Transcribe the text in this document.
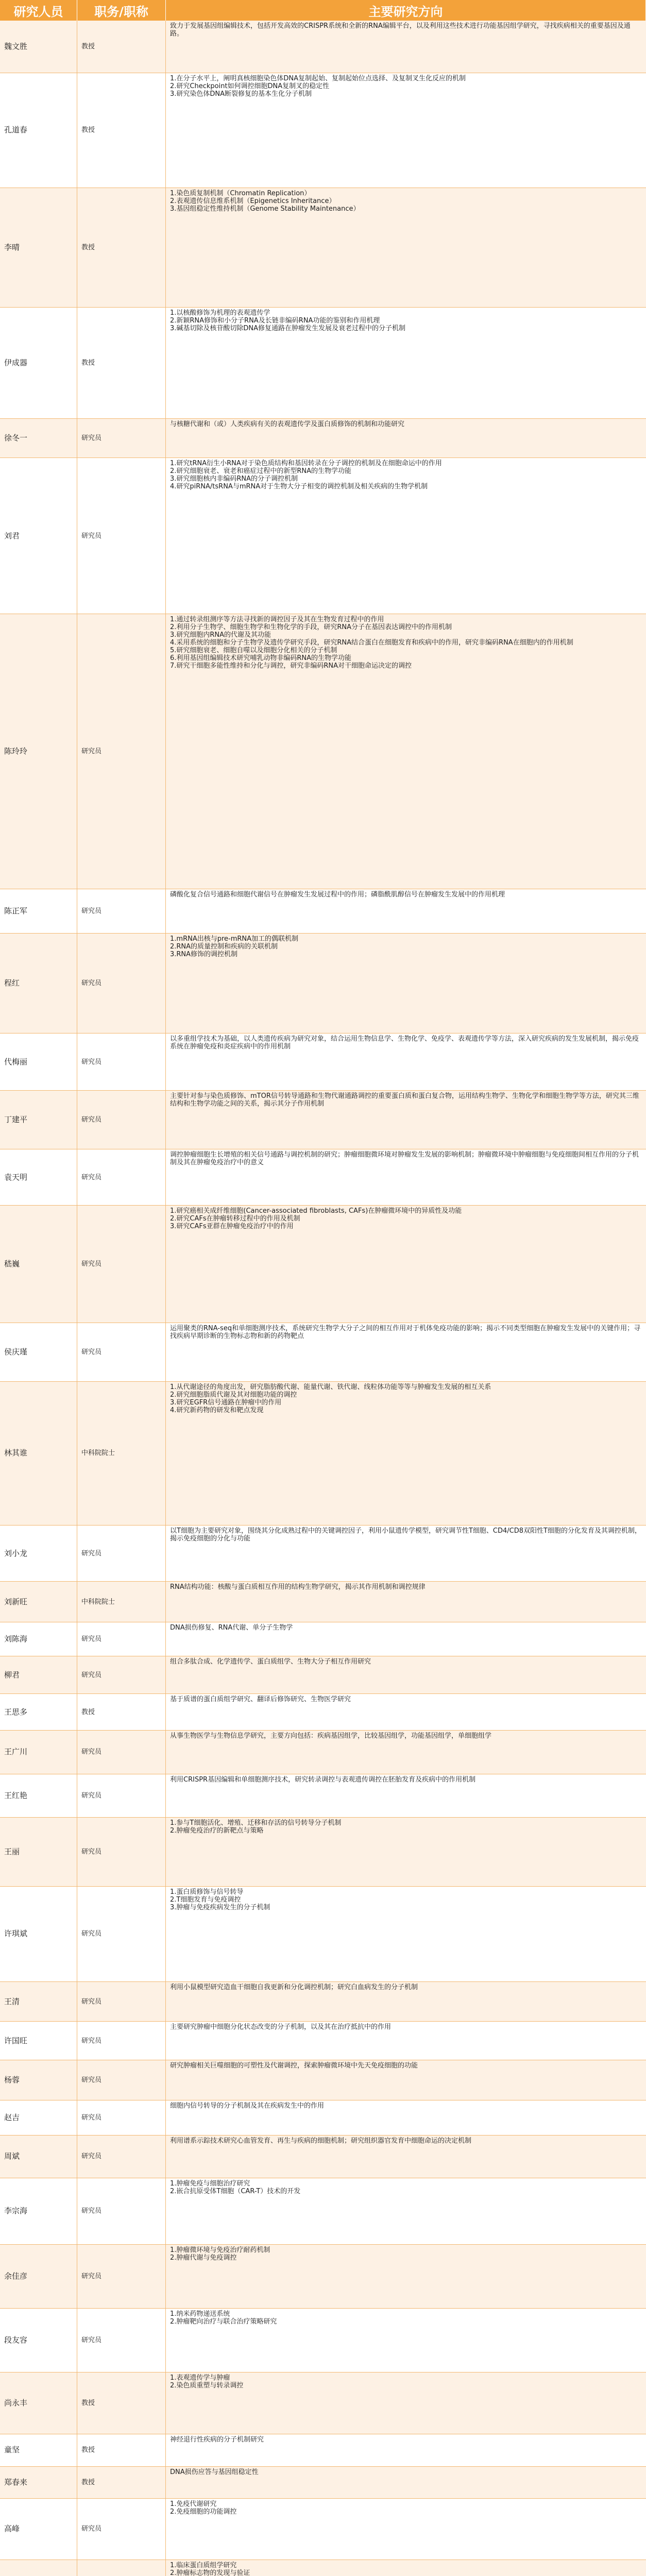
研究人员	职务/职称	主要研究方向
魏文胜	教授
致力于发展基因组编辑技术，包括开发高效的CRISPR系统和全新的RNA编辑平台，以及利用这些技术进行功能基因组学研究，寻找疾病相关的重要基因及通路。
孔道春	教授
1.在分子水平上，阐明真核细胞染色体DNA复制起始、复制起始位点选择、及复制叉生化反应的机制
2.研究Checkpoint如何调控细胞DNA复制叉的稳定性
3.研究染色体DNA断裂修复的基本生化分子机制
李晴	教授
1.染色质复制机制（Chromatin Replication）
2.表观遗传信息维系机制（Epigenetics Inheritance）
3.基因组稳定性维持机制（Genome Stability Maintenance）
伊成器	教授
1.以核酸修饰为机理的表观遗传学
2.新颖RNA修饰和小分子RNA及长链非编码RNA功能的鉴别和作用机理
3.碱基切除及核苷酸切除DNA修复通路在肿瘤发生发展及衰老过程中的分子机制
徐冬一	研究员
与核糖代谢和（或）人类疾病有关的表观遗传学及蛋白质修饰的机制和功能研究
刘君	研究员
1.研究tRNA衍生小RNA对于染色质结构和基因转录在分子调控的机制及在细胞命运中的作用
2.研究细胞衰老、衰老和癌症过程中的新型RNA的生物学功能
3.研究细胞核内非编码RNA的分子调控机制
4.研究piRNA/tsRNA与mRNA对于生物大分子相变的调控机制及相关疾病的生物学机制
陈玲玲	研究员
1.通过转录组测序等方法寻找新的调控因子及其在生物发育过程中的作用
2.利用分子生物学、细胞生物学和生物化学的手段，研究RNA分子在基因表达调控中的作用机制
3.研究细胞内RNA的代谢及其功能
4.采用系统的细胞和分子生物学及遗传学研究手段，研究RNA结合蛋白在细胞发育和疾病中的作用，研究非编码RNA在细胞内的作用机制
5.研究细胞衰老、细胞自噬以及细胞分化相关的分子机制
6.利用基因组编辑技术研究哺乳动物非编码RNA的生物学功能
7.研究干细胞多能性维持和分化与调控，研究非编码RNA对干细胞命运决定的调控
陈正军	研究员
磷酸化复合信号通路和细胞代谢信号在肿瘤发生发展过程中的作用；磷脂酰肌醇信号在肿瘤发生发展中的作用机理
程红	研究员
1.mRNA出核与pre-mRNA加工的偶联机制
2.RNA的质量控制和疾病的关联机制
3.RNA修饰的调控机制
代梅丽	研究员
以多重组学技术为基础，以人类遗传疾病为研究对象，结合运用生物信息学、生物化学、免疫学、表观遗传学等方法，深入研究疾病的发生发展机制，揭示免疫系统在肿瘤免疫和炎症疾病中的作用机制
丁建平	研究员
主要针对参与染色质修饰、mTOR信号转导通路和生物代谢通路调控的重要蛋白质和蛋白复合物，运用结构生物学、生物化学和细胞生物学等方法，研究其三维结构和生物学功能之间的关系，揭示其分子作用机制
袁天明	研究员
调控肿瘤细胞生长增殖的相关信号通路与调控机制的研究；肿瘤细胞微环境对肿瘤发生发展的影响机制；肿瘤微环境中肿瘤细胞与免疫细胞间相互作用的分子机制及其在肿瘤免疫治疗中的意义
嵇巍	研究员
1.研究癌相关成纤维细胞(Cancer-associated fibroblasts, CAFs)在肿瘤微环境中的异质性及功能
2.研究CAFs在肿瘤转移过程中的作用及机制
3.研究CAFs亚群在肿瘤免疫治疗中的作用
侯庆瑾	研究员
运用聚类的RNA-seq和单细胞测序技术，系统研究生物学大分子之间的相互作用对于机体免疫功能的影响；揭示不同类型细胞在肿瘤发生发展中的关键作用；寻找疾病早期诊断的生物标志物和新的药物靶点
林其谁	中科院院士
1.从代谢途径的角度出发，研究脂肪酸代谢、能量代谢、铁代谢、线粒体功能等等与肿瘤发生发展的相互关系
2.研究细胞脂质代谢及其对细胞功能的调控
3.研究EGFR信号通路在肿瘤中的作用
4.研究新药物的研发和靶点发现
刘小龙	研究员
以T细胞为主要研究对象，围绕其分化成熟过程中的关键调控因子，利用小鼠遗传学模型，研究调节性T细胞、CD4/CD8双阳性T细胞的分化发育及其调控机制，揭示免疫细胞的分化与功能
刘新旺	中科院院士
RNA结构功能：核酸与蛋白质相互作用的结构生物学研究，揭示其作用机制和调控规律
刘陈海	研究员
DNA损伤修复、RNA代谢、单分子生物学
柳君	研究员
组合多肽合成、化学遗传学、蛋白质组学、生物大分子相互作用研究
王思多	教授
基于质谱的蛋白质组学研究、翻译后修饰研究、生物医学研究
王广川	研究员
从事生物医学与生物信息学研究，主要方向包括：疾病基因组学，比较基因组学，功能基因组学，单细胞组学
王红艳	研究员
利用CRISPR基因编辑和单细胞测序技术，研究转录调控与表观遗传调控在胚胎发育及疾病中的作用机制
王丽	研究员
1.参与T细胞活化、增殖、迁移和存活的信号转导分子机制
2.肿瘤免疫治疗的新靶点与策略
许琪斌	研究员
1.蛋白质修饰与信号转导
2.T细胞发育与免疫调控
3.肿瘤与免疫疾病发生的分子机制
王清	研究员
利用小鼠模型研究造血干细胞自我更新和分化调控机制；研究白血病发生的分子机制
许国旺	研究员
主要研究肿瘤中细胞分化状态改变的分子机制，以及其在治疗抵抗中的作用
杨蓉	研究员
研究肿瘤相关巨噬细胞的可塑性及代谢调控，探索肿瘤微环境中先天免疫细胞的功能
赵吉	研究员
细胞内信号转导的分子机制及其在疾病发生中的作用
周斌	研究员
利用谱系示踪技术研究心血管发育、再生与疾病的细胞机制；研究组织器官发育中细胞命运的决定机制
李宗海	研究员
1.肿瘤免疫与细胞治疗研究
2.嵌合抗原受体T细胞（CAR-T）技术的开发
余佳彦	研究员
1.肿瘤微环境与免疫治疗耐药机制
2.肿瘤代谢与免疫调控
段友容	研究员
1.纳米药物递送系统
2.肿瘤靶向治疗与联合治疗策略研究
尚永丰	教授
1.表观遗传学与肿瘤
2.染色质重塑与转录调控
童坚	教授
神经退行性疾病的分子机制研究
郑春来	教授
DNA损伤应答与基因组稳定性
高峰	研究员
1.免疫代谢研究
2.免疫细胞的功能调控
1.临床蛋白质组学研究
2.肿瘤标志物的发现与验证
